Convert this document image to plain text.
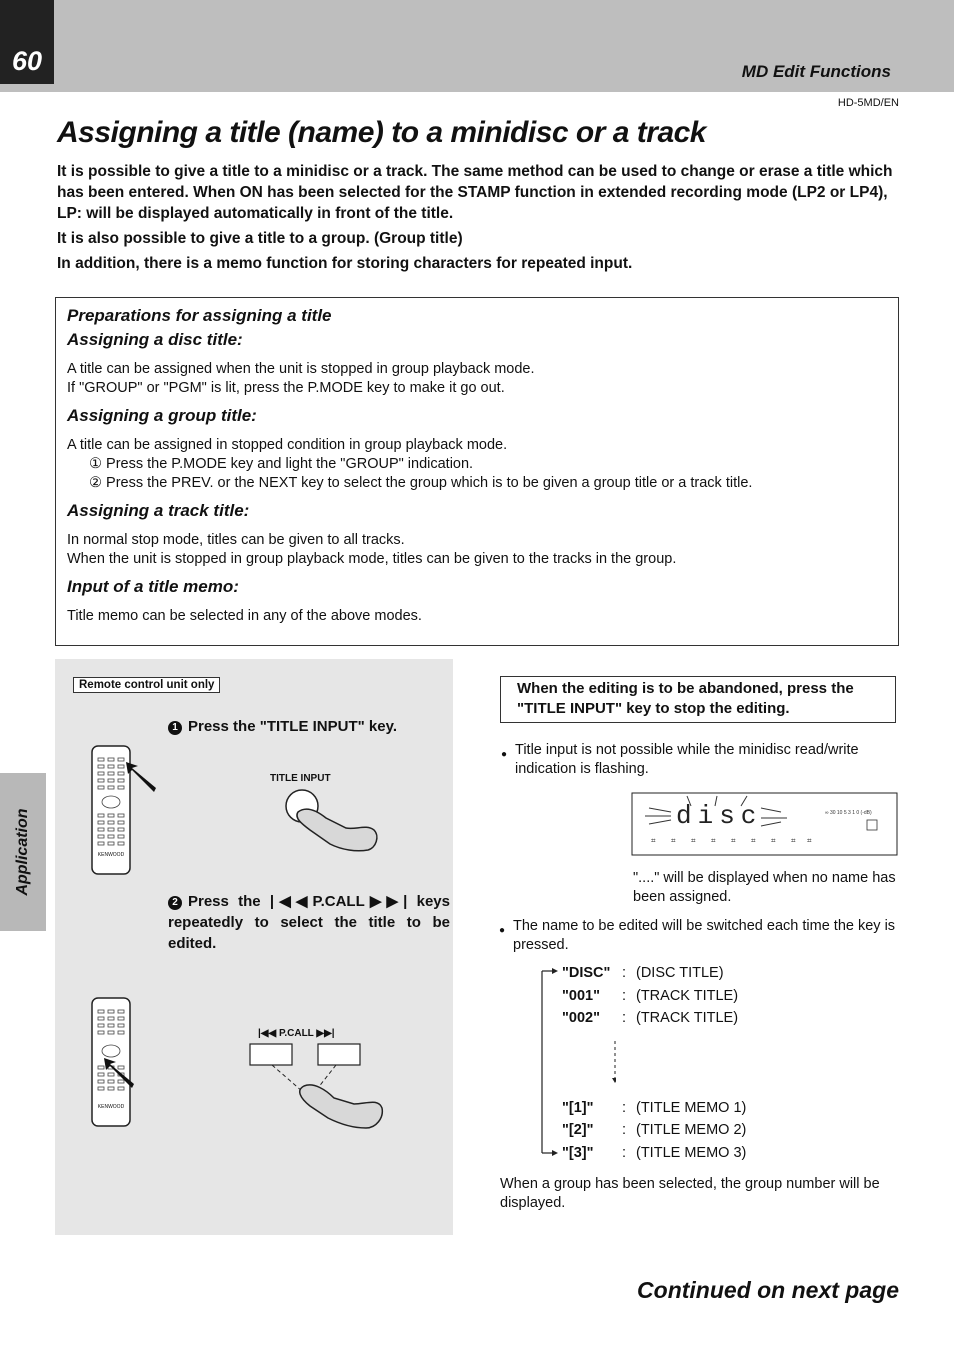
60	MD Edit Functions
HD-5MD/EN
Assigning a title (name) to a minidisc or a track

It is possible to give a title to a minidisc or a track. The same method can be used to change or erase a title which has been entered. When ON has been selected for the STAMP function in extended recording mode (LP2 or LP4), LP: will be displayed automatically in front of the title.

It is also possible to give a title to a group. (Group title)

In addition, there is a memo function for storing characters for repeated input.

Preparations for assigning a title
Assigning a disc title:
A title can be assigned when the unit is stopped in group playback mode.
If "GROUP" or "PGM" is lit, press the P.MODE key to make it go out.
Assigning a group title:
A title can be assigned in stopped condition in group playback mode.
① Press the P.MODE key and light the "GROUP" indication.
② Press the PREV. or the NEXT key to select the group which is to be given a group title or a track title.
Assigning a track title:
In normal stop mode, titles can be given to all tracks.
When the unit is stopped in group playback mode, titles can be given to the tracks in the group.
Input of a title memo:
Title memo can be selected in any of the above modes.
Application
Remote control unit only
1 Press the "TITLE INPUT" key.
KENWOOD
TITLE INPUT
2 Press the |◀◀P.CALL▶▶| keys repeatedly to select the title to be edited.
KENWOOD
|◀◀ P.CALL ▶▶|
When the editing is to be abandoned, press the "TITLE INPUT" key to stop the editing.
● Title input is not possible while the minidisc read/write indication is flashing.
disc	∞ 30 10 5 3 1 0 (-dB)
⌗ ⌗ ⌗ ⌗ ⌗ ⌗ ⌗ ⌗ ⌗
"...." will be displayed when no name has been assigned.
● The name to be edited will be switched each time the key is pressed.
"DISC"	:	(DISC TITLE)
"001"	:	(TRACK TITLE)
"002"	:	(TRACK TITLE)

"[1]"	:	(TITLE MEMO 1)
"[2]"	:	(TITLE MEMO 2)
"[3]"	:	(TITLE MEMO 3)
When a group has been selected, the group number will be displayed.
Continued on next page
